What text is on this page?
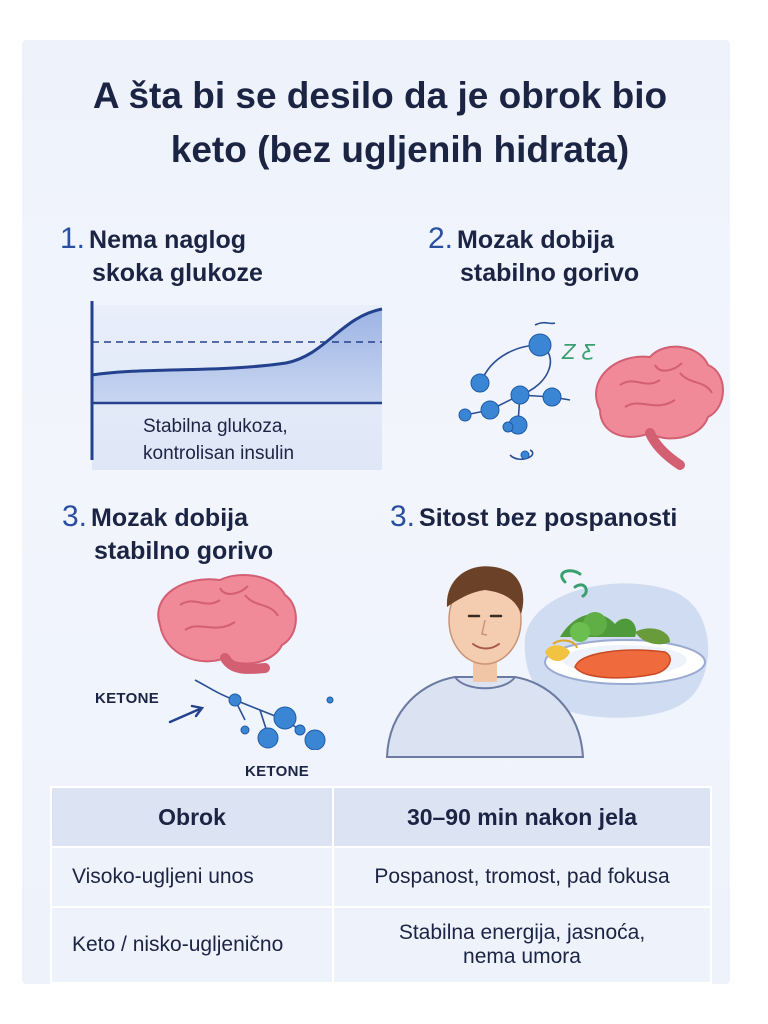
A šta bi se desilo da je obrok bio
keto (bez ugljenih hidrata)
1. Nema naglog
skoka glukoze
Stabilna glukoza,
kontrolisan insulin
2. Mozak dobija
stabilno gorivo
Z Ƹ
3. Mozak dobija
stabilno gorivo
KETONE
KETONE
3. Sitost bez pospanosti
Obrok	30–90 min nakon jela
Visoko-ugljeni unos	Pospanost, tromost, pad fokusa

Keto / nisko-ugljenično	Stabilna energija, jasnoća,
nema umora
